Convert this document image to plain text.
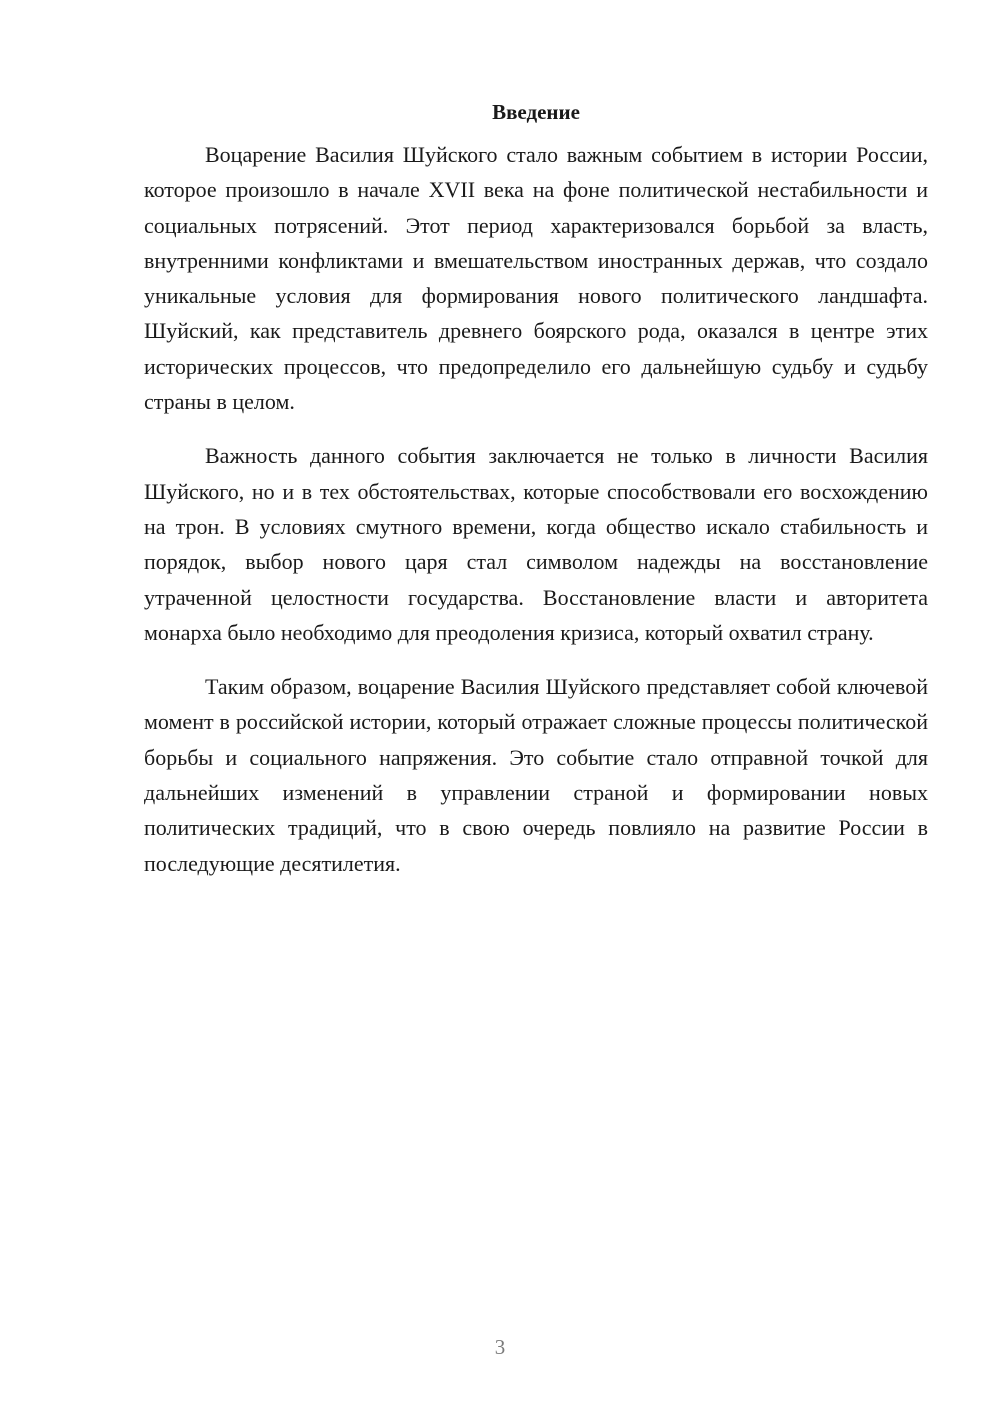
Введение

Воцарение Василия Шуйского стало важным событием в истории России, которое произошло в начале XVII века на фоне политической нестабильности и социальных потрясений. Этот период характеризовался борьбой за власть, внутренними конфликтами и вмешательством иностранных держав, что создало уникальные условия для формирования нового политического ландшафта. Шуйский, как представитель древнего боярского рода, оказался в центре этих исторических процессов, что предопределило его дальнейшую судьбу и судьбу страны в целом.

Важность данного события заключается не только в личности Василия Шуйского, но и в тех обстоятельствах, которые способствовали его восхождению на трон. В условиях смутного времени, когда общество искало стабильность и порядок, выбор нового царя стал символом надежды на восстановление утраченной целостности государства. Восстановление власти и авторитета монарха было необходимо для преодоления кризиса, который охватил страну.

Таким образом, воцарение Василия Шуйского представляет собой ключевой момент в российской истории, который отражает сложные процессы политической борьбы и социального напряжения. Это событие стало отправной точкой для дальнейших изменений в управлении страной и формировании новых политических традиций, что в свою очередь повлияло на развитие России в последующие десятилетия.

3
